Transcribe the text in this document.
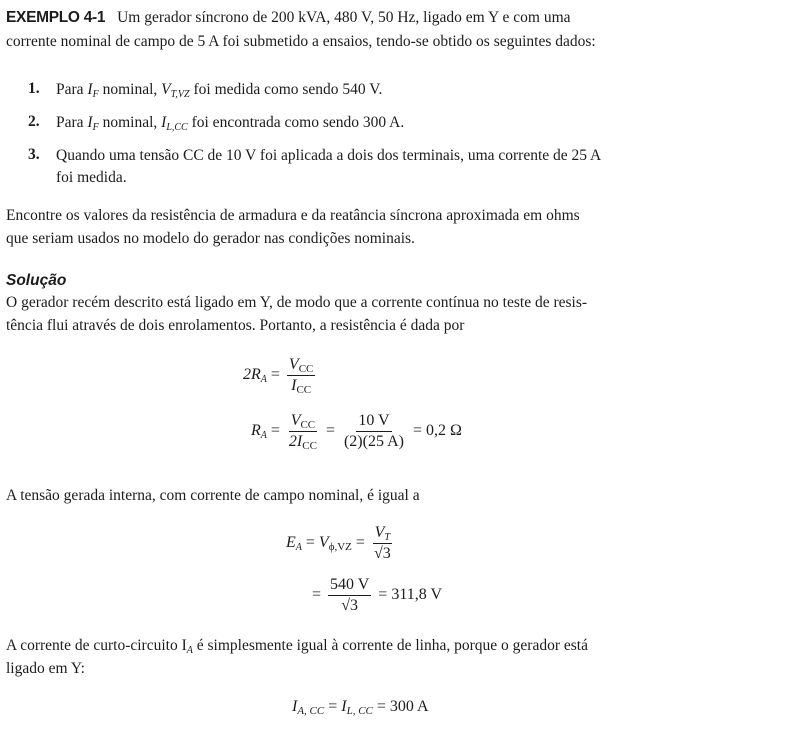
EXEMPLO 4-1 Um gerador síncrono de 200 kVA, 480 V, 50 Hz, ligado em Y e com uma
corrente nominal de campo de 5 A foi submetido a ensaios, tendo-se obtido os seguintes dados:
1. Para $I_F$ nominal, $V_{T,VZ}$ foi medida como sendo 540 V.
2. Para $I_F$ nominal, $I_{L,CC}$ foi encontrada como sendo 300 A.
3. Quando uma tensão CC de 10 V foi aplicada a dois dos terminais, uma corrente de 25 A
foi medida.
Encontre os valores da resistência de armadura e da reatância síncrona aproximada em ohms
que seriam usados no modelo do gerador nas condições nominais.
Solução
O gerador recém descrito está ligado em Y, de modo que a corrente contínua no teste de resis-
tência flui através de dois enrolamentos. Portanto, a resistência é dada por
$2R_A = \frac{V_{CC}}{I_{CC}}$
$R_A = \frac{V_{CC}}{2I_{CC}} = \frac{10 V}{(2)(25 A)} = 0,2$ Ω
A tensão gerada interna, com corrente de campo nominal, é igual a
$E_A = V_{\phi,VZ} = \frac{V_T}{√3}$
= $\frac{540 V}{√3} = 311,8$ V
A corrente de curto-circuito $I_A$ é simplesmente igual à corrente de linha, porque o gerador está
ligado em Y:
$I_{A, CC} = I_{L, CC} = 300$ A
